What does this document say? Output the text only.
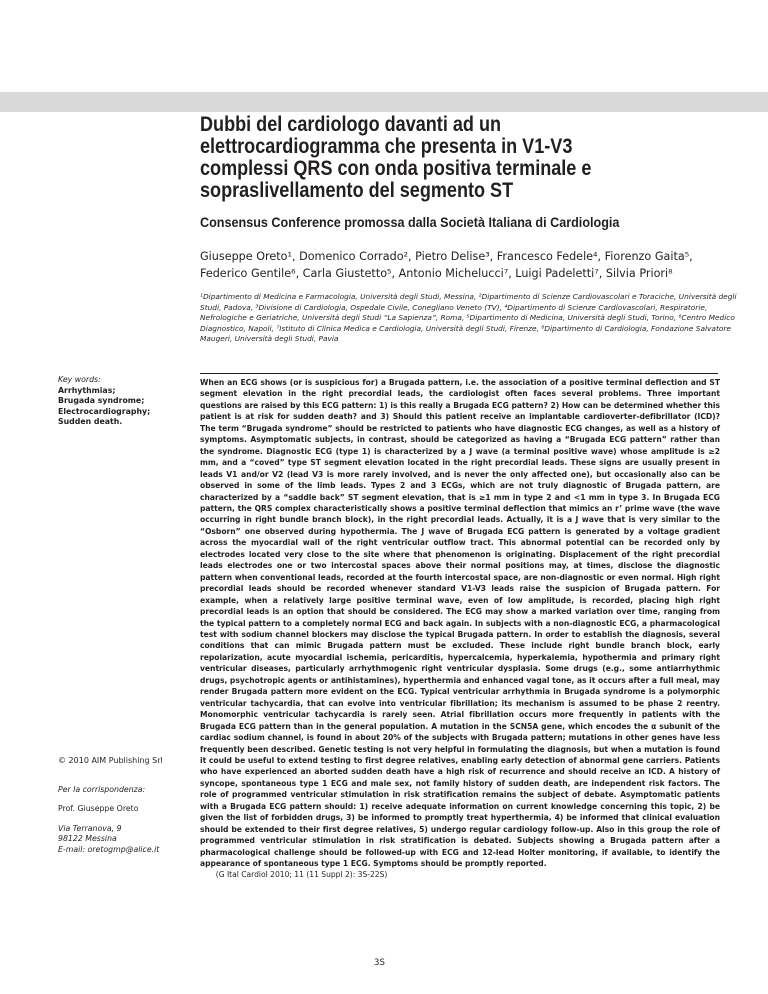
Dubbi del cardiologo davanti ad un elettrocardiogramma che presenta in V1-V3 complessi QRS con onda positiva terminale e sopraslivellamento del segmento ST
Consensus Conference promossa dalla Società Italiana di Cardiologia

Giuseppe Oreto¹, Domenico Corrado², Pietro Delise³, Francesco Fedele⁴, Fiorenzo Gaita⁵, Federico Gentile⁶, Carla Giustetto⁵, Antonio Michelucci⁷, Luigi Padeletti⁷, Silvia Priori⁸

¹Dipartimento di Medicina e Farmacologia, Università degli Studi, Messina, ²Dipartimento di Scienze Cardiovascolari e Toraciche, Università degli Studi, Padova, ³Divisione di Cardiologia, Ospedale Civile, Conegliano Veneto (TV), ⁴Dipartimento di Scienze Cardiovascolari, Respiratorie, Nefrologiche e Geriatriche, Università degli Studi “La Sapienza”, Roma, ⁵Dipartimento di Medicina, Università degli Studi, Torino, ⁶Centro Medico Diagnostico, Napoli, ⁷Istituto di Clinica Medica e Cardiologia, Università degli Studi, Firenze, ⁸Dipartimento di Cardiologia, Fondazione Salvatore Maugeri, Università degli Studi, Pavia

Key words:
Arrhythmias;
Brugada syndrome;
Electrocardiography;
Sudden death.

When an ECG shows (or is suspicious for) a Brugada pattern, i.e. the association of a positive terminal deflection and ST segment elevation in the right precordial leads, the cardiologist often faces several problems. Three important questions are raised by this ECG pattern: 1) is this really a Brugada ECG pattern? 2) How can be determined whether this patient is at risk for sudden death? and 3) Should this patient receive an implantable cardioverter-defibrillator (ICD)? The term “Brugada syndrome” should be restricted to patients who have diagnostic ECG changes, as well as a history of symptoms. Asymptomatic subjects, in contrast, should be categorized as having a “Brugada ECG pattern” rather than the syndrome. Diagnostic ECG (type 1) is characterized by a J wave (a terminal positive wave) whose amplitude is ≥2 mm, and a “coved” type ST segment elevation located in the right precordial leads. These signs are usually present in leads V1 and/or V2 (lead V3 is more rarely involved, and is never the only affected one), but occasionally also can be observed in some of the limb leads. Types 2 and 3 ECGs, which are not truly diagnostic of Brugada pattern, are characterized by a “saddle back” ST segment elevation, that is ≥1 mm in type 2 and <1 mm in type 3. In Brugada ECG pattern, the QRS complex characteristically shows a positive terminal deflection that mimics an r’ prime wave (the wave occurring in right bundle branch block), in the right precordial leads. Actually, it is a J wave that is very similar to the “Osborn” one observed during hypothermia. The J wave of Brugada ECG pattern is generated by a voltage gradient across the myocardial wall of the right ventricular outflow tract. This abnormal potential can be recorded only by electrodes located very close to the site where that phenomenon is originating. Displacement of the right precordial leads electrodes one or two intercostal spaces above their normal positions may, at times, disclose the diagnostic pattern when conventional leads, recorded at the fourth intercostal space, are non-diagnostic or even normal. High right precordial leads should be recorded whenever standard V1-V3 leads raise the suspicion of Brugada pattern. For example, when a relatively large positive terminal wave, even of low amplitude, is recorded, placing high right precordial leads is an option that should be considered. The ECG may show a marked variation over time, ranging from the typical pattern to a completely normal ECG and back again. In subjects with a non-diagnostic ECG, a pharmacological test with sodium channel blockers may disclose the typical Brugada pattern. In order to establish the diagnosis, several conditions that can mimic Brugada pattern must be excluded. These include right bundle branch block, early repolarization, acute myocardial ischemia, pericarditis, hypercalcemia, hyperkalemia, hypothermia and primary right ventricular diseases, particularly arrhythmogenic right ventricular dysplasia. Some drugs (e.g., some antiarrhythmic drugs, psychotropic agents or antihistamines), hyperthermia and enhanced vagal tone, as it occurs after a full meal, may render Brugada pattern more evident on the ECG. Typical ventricular arrhythmia in Brugada syndrome is a polymorphic ventricular tachycardia, that can evolve into ventricular fibrillation; its mechanism is assumed to be phase 2 reentry. Monomorphic ventricular tachycardia is rarely seen. Atrial fibrillation occurs more frequently in patients with the Brugada ECG pattern than in the general population. A mutation in the SCN5A gene, which encodes the α subunit of the cardiac sodium channel, is found in about 20% of the subjects with Brugada pattern; mutations in other genes have less frequently been described. Genetic testing is not very helpful in formulating the diagnosis, but when a mutation is found it could be useful to extend testing to first degree relatives, enabling early detection of abnormal gene carriers. Patients who have experienced an aborted sudden death have a high risk of recurrence and should receive an ICD. A history of syncope, spontaneous type 1 ECG and male sex, not family history of sudden death, are independent risk factors. The role of programmed ventricular stimulation in risk stratification remains the subject of debate. Asymptomatic patients with a Brugada ECG pattern should: 1) receive adequate information on current knowledge concerning this topic, 2) be given the list of forbidden drugs, 3) be informed to promptly treat hyperthermia, 4) be informed that clinical evaluation should be extended to their first degree relatives, 5) undergo regular cardiology follow-up. Also in this group the role of programmed ventricular stimulation in risk stratification is debated. Subjects showing a Brugada pattern after a pharmacological challenge should be followed-up with ECG and 12-lead Holter monitoring, if available, to identify the appearance of spontaneous type 1 ECG. Symptoms should be promptly reported.
(G Ital Cardiol 2010; 11 (11 Suppl 2): 3S-22S)

© 2010 AIM Publishing Srl
Per la corrispondenza:
Prof. Giuseppe Oreto
Via Terranova, 9
98122 Messina
E-mail: oretogmp@alice.it
3S
